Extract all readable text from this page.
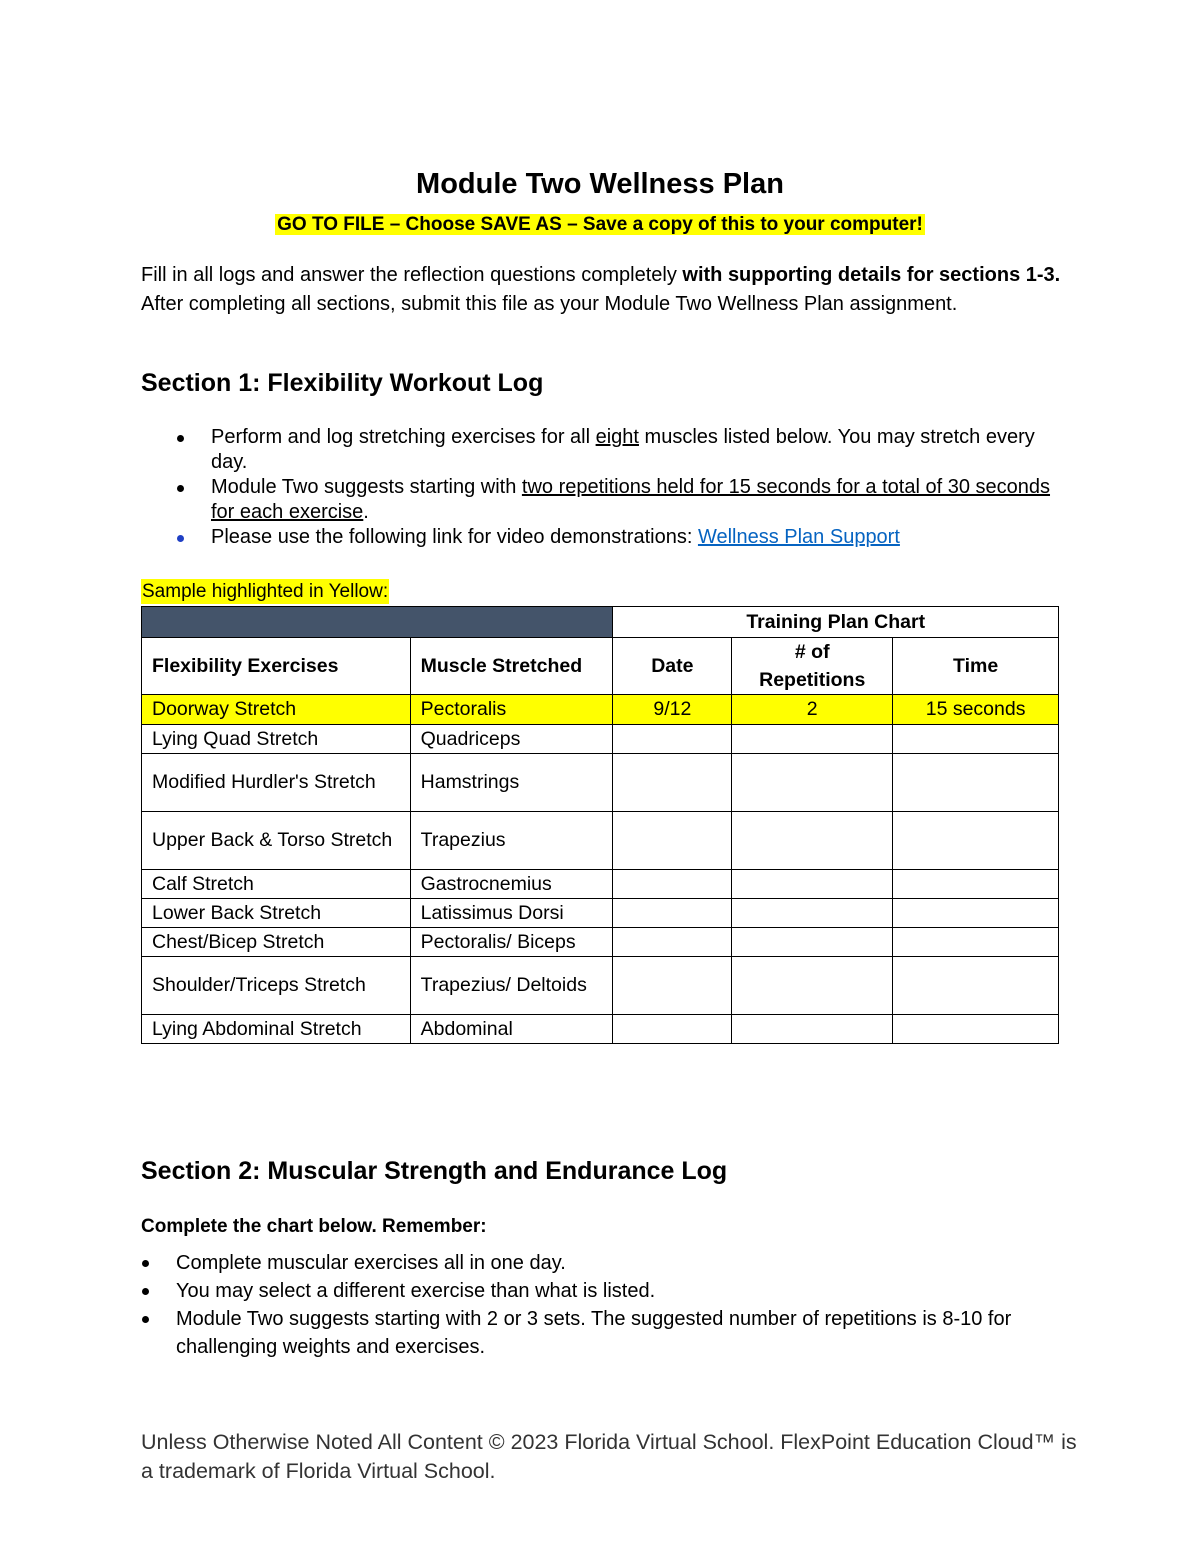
Module Two Wellness Plan
GO TO FILE – Choose SAVE AS – Save a copy of this to your computer!

Fill in all logs and answer the reflection questions completely with supporting details for sections 1-3. After completing all sections, submit this file as your Module Two Wellness Plan assignment.

Section 1: Flexibility Workout Log
Perform and log stretching exercises for all eight muscles listed below. You may stretch every day.
Module Two suggests starting with two repetitions held for 15 seconds for a total of 30 seconds for each exercise.
Please use the following link for video demonstrations: Wellness Plan Support
Sample highlighted in Yellow:
		Training Plan Chart		
Flexibility Exercises	Muscle Stretched	Date	# of Repetitions	Time
Doorway Stretch	Pectoralis	9/12	2	15 seconds
Lying Quad Stretch	Quadriceps			
Modified Hurdler's Stretch	Hamstrings			
Upper Back & Torso Stretch	Trapezius			
Calf Stretch	Gastrocnemius			
Lower Back Stretch	Latissimus Dorsi			
Chest/Bicep Stretch	Pectoralis/ Biceps			
Shoulder/Triceps Stretch	Trapezius/ Deltoids			
Lying Abdominal Stretch	Abdominal			
Section 2: Muscular Strength and Endurance Log
Complete the chart below. Remember:
Complete muscular exercises all in one day.
You may select a different exercise than what is listed.
Module Two suggests starting with 2 or 3 sets. The suggested number of repetitions is 8-10 for challenging weights and exercises.
Unless Otherwise Noted All Content © 2023 Florida Virtual School. FlexPoint Education Cloud™ is a trademark of Florida Virtual School.
